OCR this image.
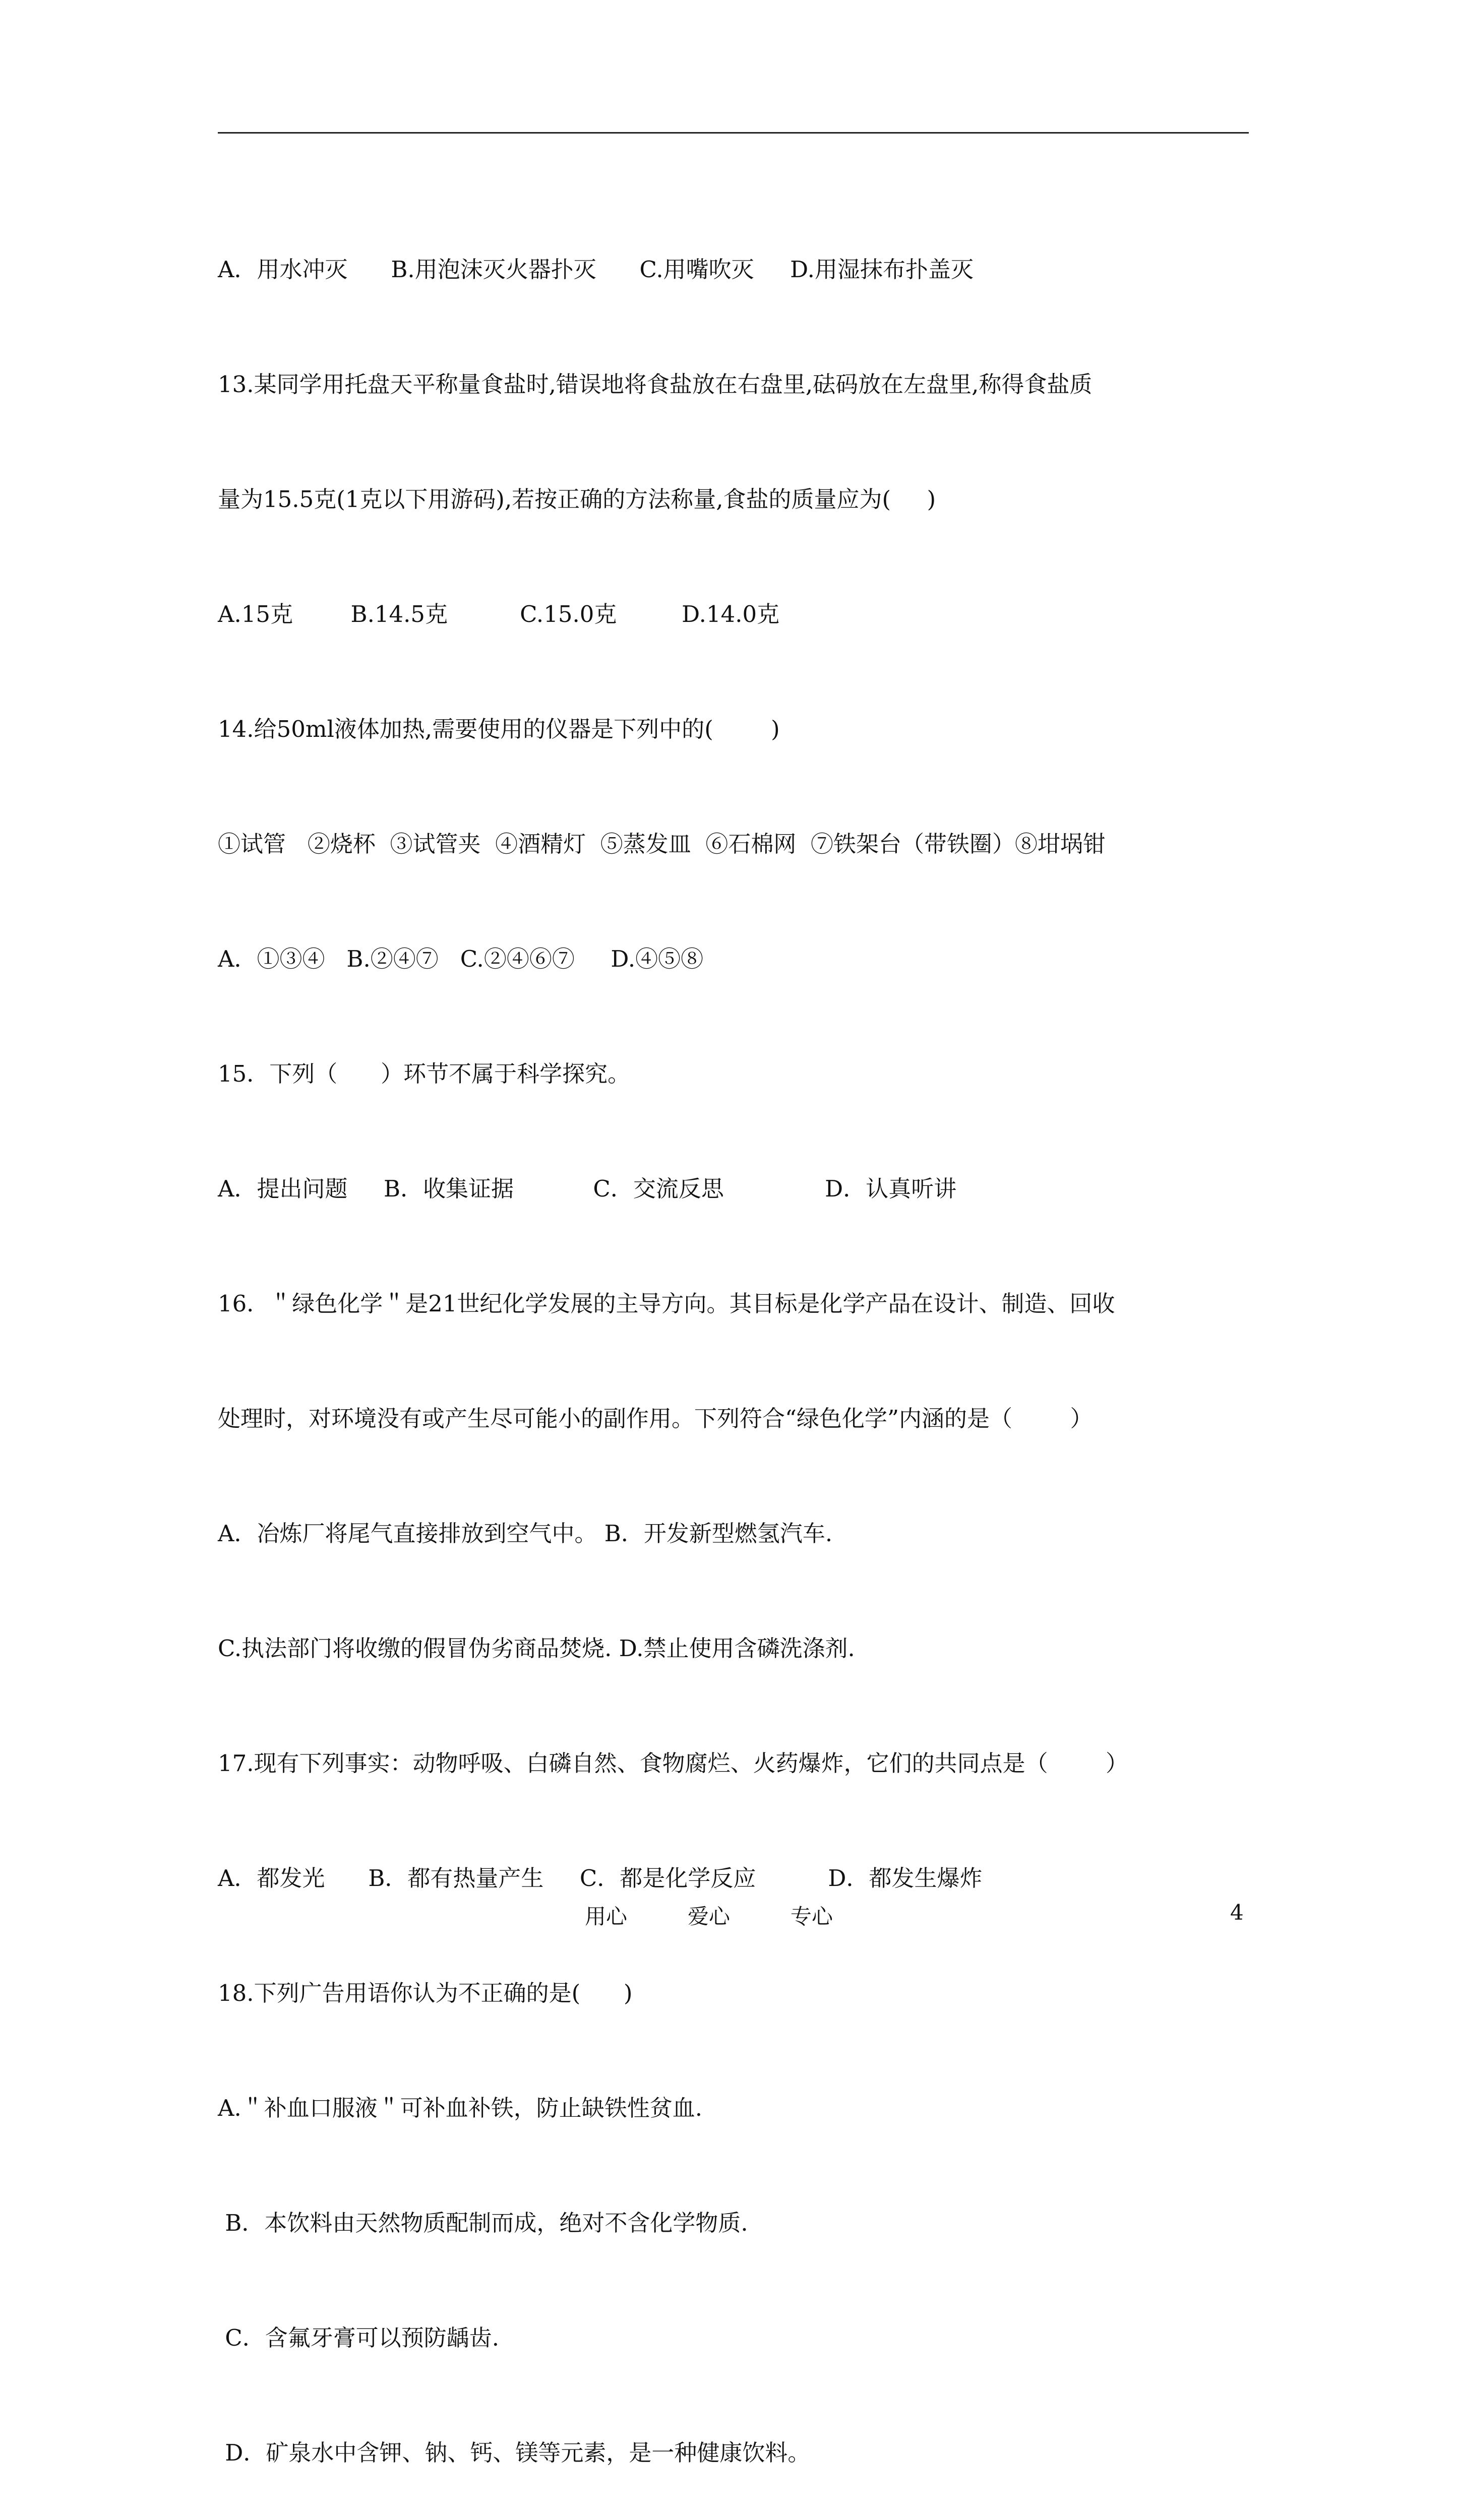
A．用水冲灭      B.用泡沫灭火器扑灭      C.用嘴吹灭     D.用湿抹布扑盖灭

13.某同学用托盘天平称量食盐时,错误地将食盐放在右盘里,砝码放在左盘里,称得食盐质

量为15.5克(1克以下用游码),若按正确的方法称量,食盐的质量应为(     )

A.15克        B.14.5克          C.15.0克         D.14.0克

14.给50ml液体加热,需要使用的仪器是下列中的(        )

①试管   ②烧杯  ③试管夹  ④酒精灯  ⑤蒸发皿  ⑥石棉网  ⑦铁架台（带铁圈）⑧坩埚钳

A．①③④   B.②④⑦   C.②④⑥⑦     D.④⑤⑧

15．下列（      ）环节不属于科学探究。

A．提出问题     B．收集证据           C．交流反思              D．认真听讲

16．＂绿色化学＂是21世纪化学发展的主导方向。其目标是化学产品在设计、制造、回收

处理时，对环境没有或产生尽可能小的副作用。下列符合“绿色化学”内涵的是（        ）

A．冶炼厂将尾气直接排放到空气中。 B．开发新型燃氢汽车.

C.执法部门将收缴的假冒伪劣商品焚烧. D.禁止使用含磷洗涤剂.

17.现有下列事实：动物呼吸、白磷自然、食物腐烂、火药爆炸，它们的共同点是（        ）

A．都发光      B．都有热量产生     C．都是化学反应          D．都发生爆炸

18.下列广告用语你认为不正确的是(      )

A.＂补血口服液＂可补血补铁，防止缺铁性贫血.

B．本饮料由天然物质配制而成，绝对不含化学物质.

C．含氟牙膏可以预防龋齿.

D．矿泉水中含钾、钠、钙、镁等元素，是一种健康饮料。

用心	爱心	专心	4
